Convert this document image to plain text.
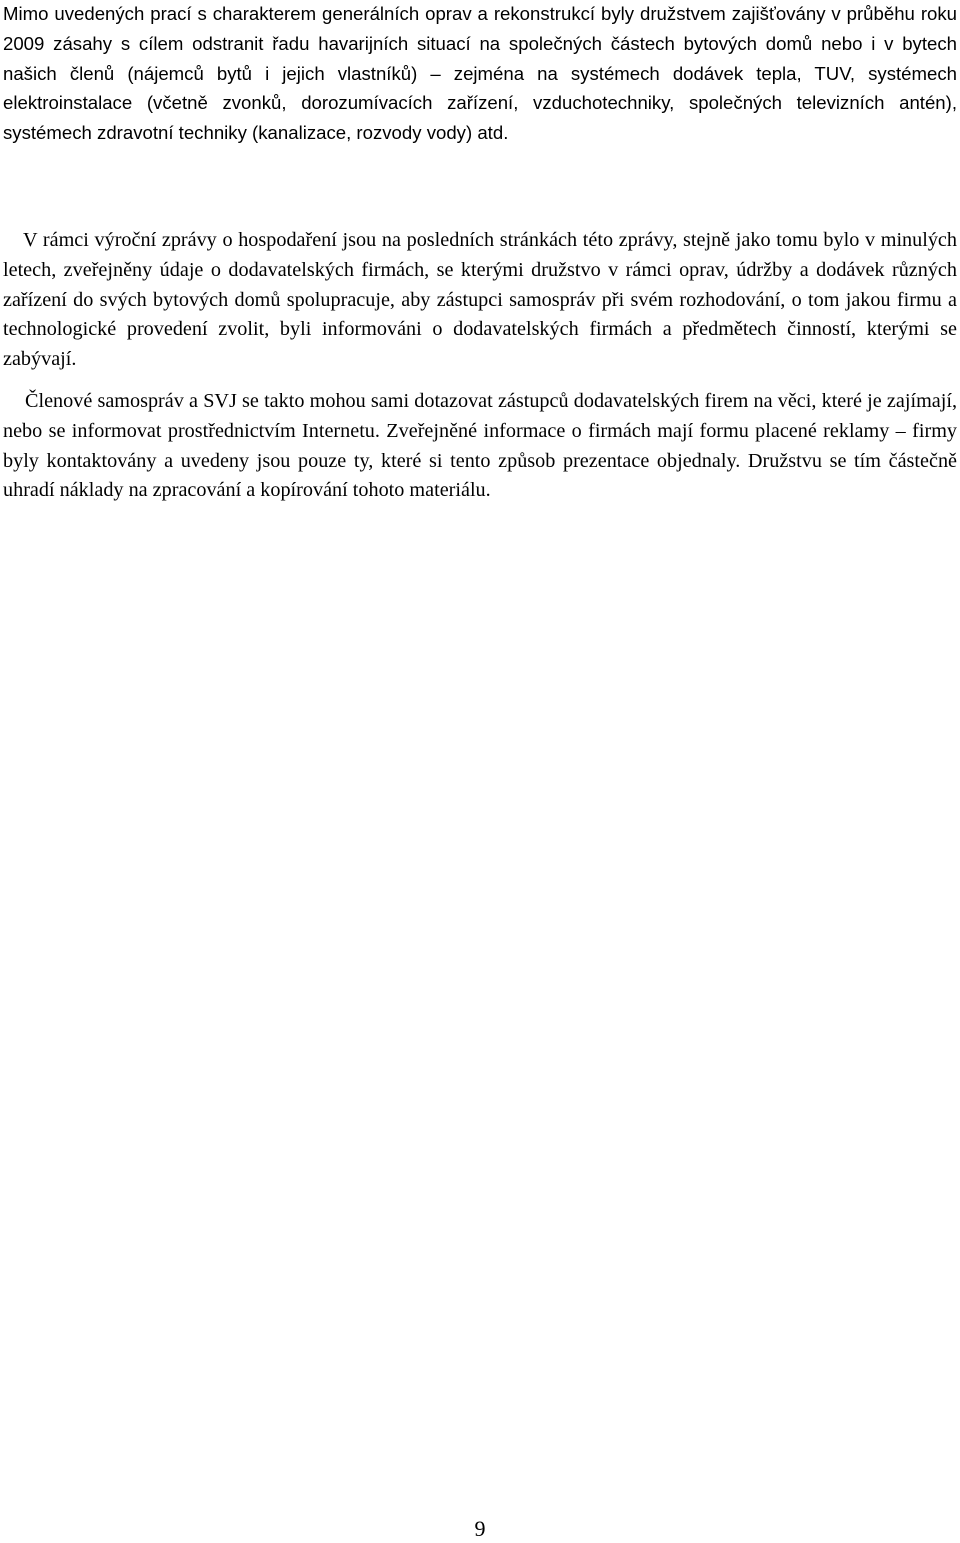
Mimo uvedených prací s charakterem generálních oprav a rekonstrukcí byly družstvem zajišťovány v průběhu roku 2009 zásahy s cílem odstranit řadu havarijních situací na společných částech bytových domů nebo i v bytech našich členů (nájemců bytů i jejich vlastníků) – zejména na systémech dodávek tepla, TUV, systémech elektroinstalace (včetně zvonků, dorozumívacích zařízení, vzduchotechniky, společných televizních antén), systémech zdravotní techniky (kanalizace, rozvody vody) atd.

V rámci výroční zprávy o hospodaření jsou na posledních stránkách této zprávy, stejně jako tomu bylo v minulých letech, zveřejněny údaje o dodavatelských firmách, se kterými družstvo v rámci oprav, údržby a dodávek různých zařízení do svých bytových domů spolupracuje, aby zástupci samospráv při svém rozhodování, o tom jakou firmu a technologické provedení zvolit, byli informováni o dodavatelských firmách a předmětech činností, kterými se zabývají.

Členové samospráv a SVJ se takto mohou sami dotazovat zástupců dodavatelských firem na věci, které je zajímají, nebo se informovat prostřednictvím Internetu. Zveřejněné informace o firmách mají formu placené reklamy – firmy byly kontaktovány a uvedeny jsou pouze ty, které si tento způsob prezentace objednaly. Družstvu se tím částečně uhradí náklady na zpracování a kopírování tohoto materiálu.

9
